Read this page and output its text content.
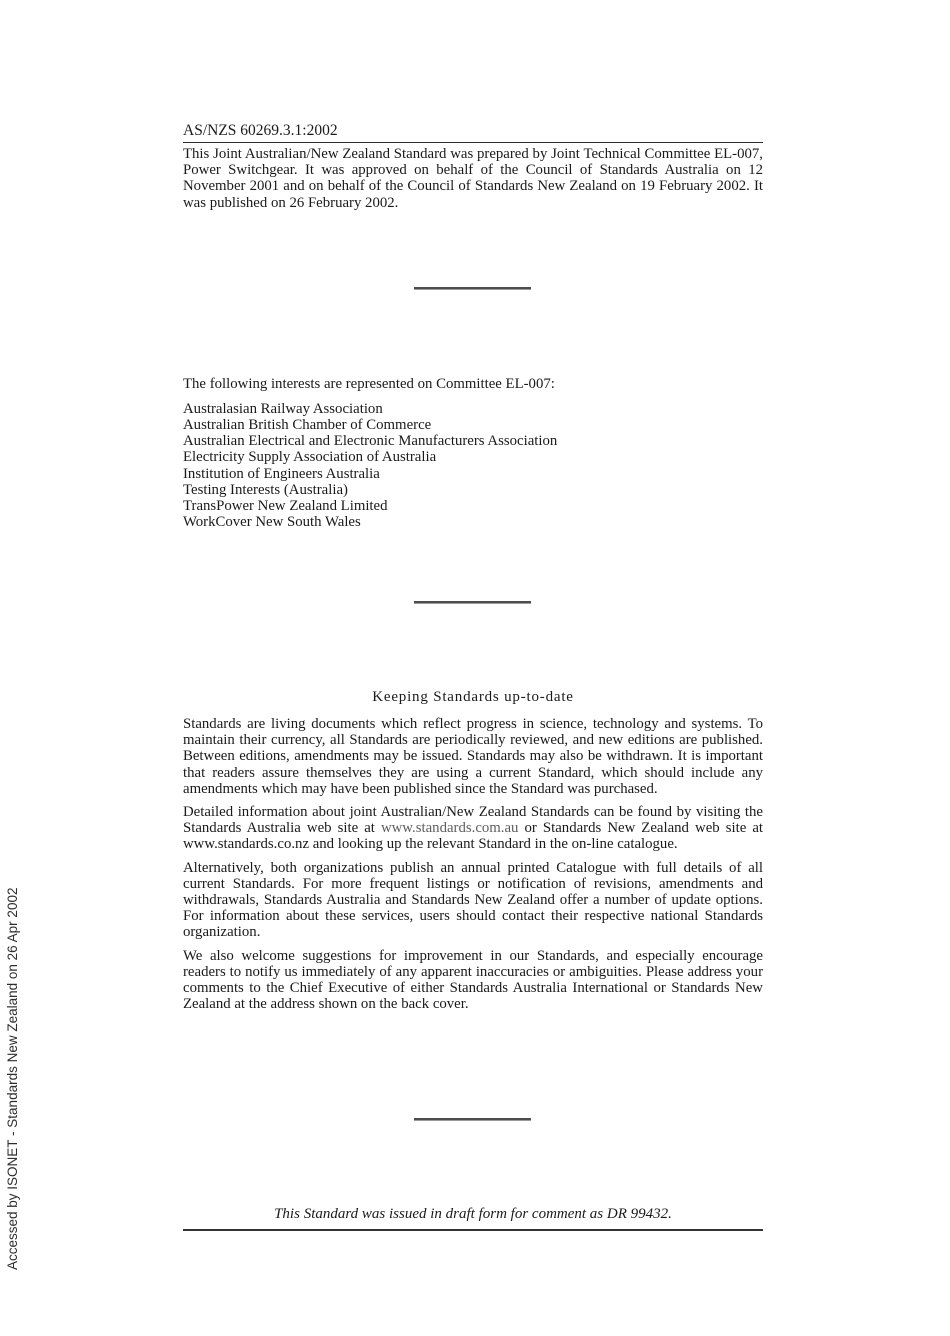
Accessed by ISONET - Standards New Zealand on 26 Apr 2002
AS/NZS 60269.3.1:2002

This Joint Australian/New Zealand Standard was prepared by Joint Technical Committee EL-007, Power Switchgear. It was approved on behalf of the Council of Standards Australia on 12 November 2001 and on behalf of the Council of Standards New Zealand on 19 February 2002. It was published on 26 February 2002.

The following interests are represented on Committee EL-007:

Australasian Railway Association
Australian British Chamber of Commerce
Australian Electrical and Electronic Manufacturers Association
Electricity Supply Association of Australia
Institution of Engineers Australia
Testing Interests (Australia)
TransPower New Zealand Limited
WorkCover New South Wales
Keeping Standards up-to-date

Standards are living documents which reflect progress in science, technology and systems. To maintain their currency, all Standards are periodically reviewed, and new editions are published. Between editions, amendments may be issued. Standards may also be withdrawn. It is important that readers assure themselves they are using a current Standard, which should include any amendments which may have been published since the Standard was purchased.

Detailed information about joint Australian/New Zealand Standards can be found by visiting the Standards Australia web site at www.standards.com.au or Standards New Zealand web site at www.standards.co.nz and looking up the relevant Standard in the on-line catalogue.

Alternatively, both organizations publish an annual printed Catalogue with full details of all current Standards. For more frequent listings or notification of revisions, amendments and withdrawals, Standards Australia and Standards New Zealand offer a number of update options. For information about these services, users should contact their respective national Standards organization.

We also welcome suggestions for improvement in our Standards, and especially encourage readers to notify us immediately of any apparent inaccuracies or ambiguities. Please address your comments to the Chief Executive of either Standards Australia International or Standards New Zealand at the address shown on the back cover.

This Standard was issued in draft form for comment as DR 99432.
